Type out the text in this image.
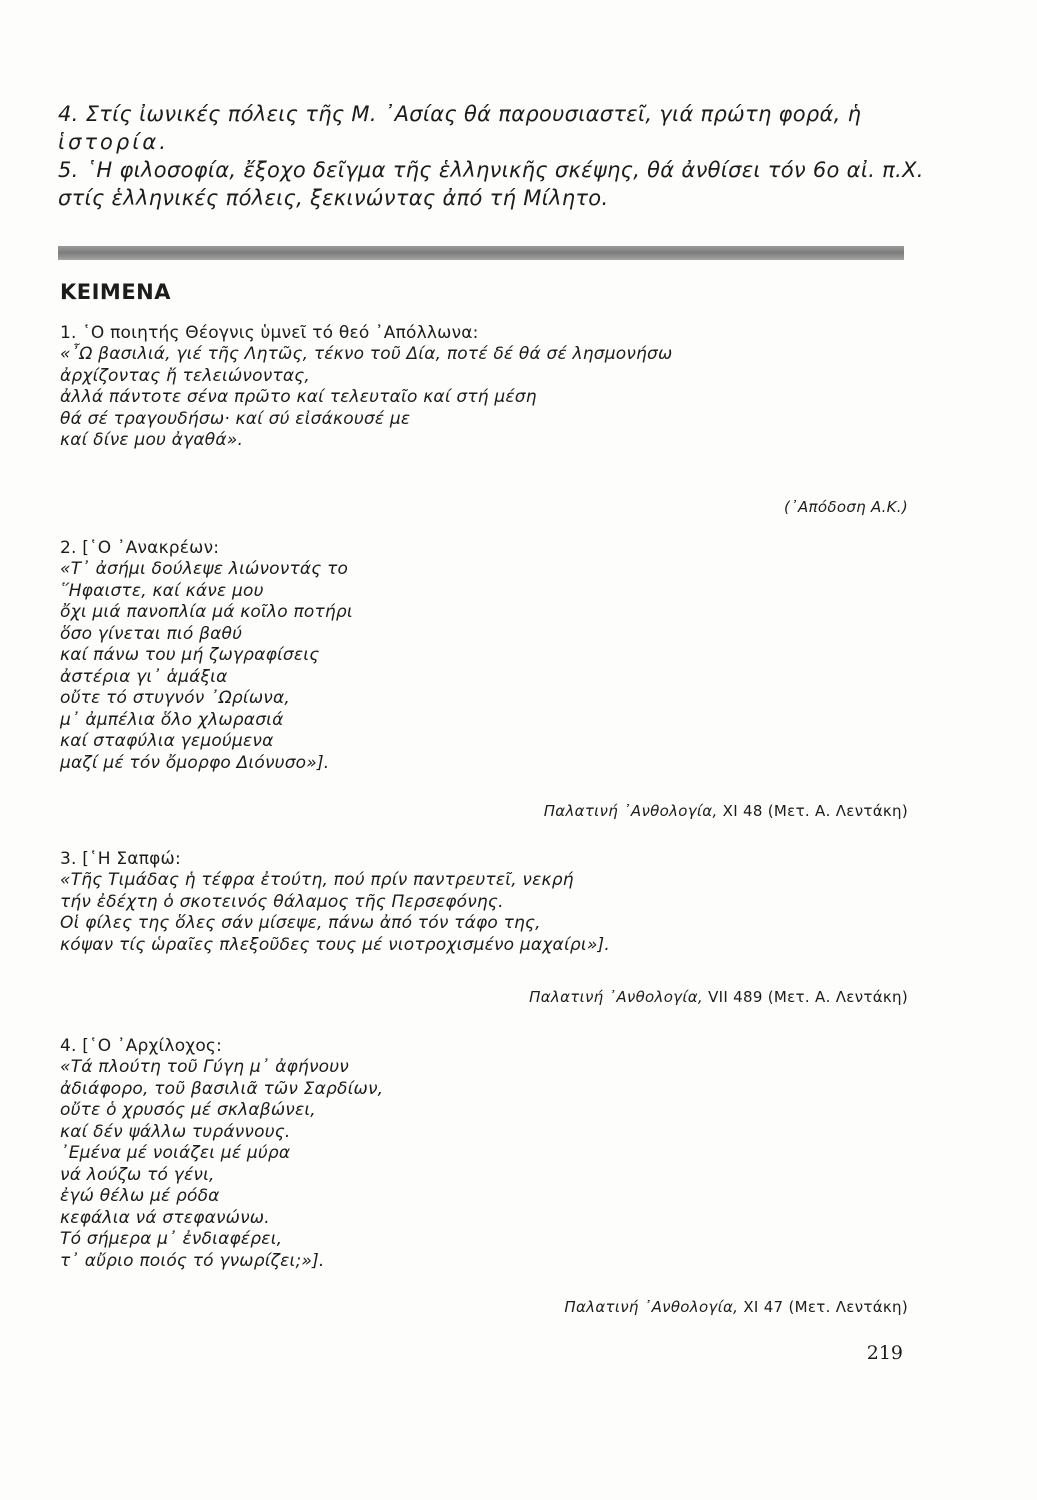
4. Στίς ἰωνικές πόλεις τῆς Μ. ᾿Ασίας θά παρουσιαστεῖ, γιά πρώτη φορά, ἡ ἱστορία.

5. ῾Η φιλοσοφία, ἔξοχο δεῖγμα τῆς ἑλληνικῆς σκέψης, θά ἀνθίσει τόν 6ο αἰ. π.Χ. στίς ἑλληνικές πόλεις, ξεκινώντας ἀπό τή Μίλητο.

ΚΕΙΜΕΝΑ

1. ῾Ο ποιητής Θέογνις ὑμνεῖ τό θεό ᾿Απόλλωνα:

«῏Ω βασιλιά, γιέ τῆς Λητῶς, τέκνο τοῦ Δία, ποτέ δέ θά σέ λησμονήσω
ἀρχίζοντας ἤ τελειώνοντας,
ἀλλά πάντοτε σένα πρῶτο καί τελευταῖο καί στή μέση
θά σέ τραγουδήσω· καί σύ εἰσάκουσέ με
καί δίνε μου ἀγαθά».
(᾿Απόδοση Α.Κ.)

2. [῾Ο ᾿Ανακρέων:

«Τ᾿ ἀσήμι δούλεψε λιώνοντάς το
῞Ηφαιστε, καί κάνε μου
ὄχι μιά πανοπλία μά κοῖλο ποτήρι
ὅσο γίνεται πιό βαθύ
καί πάνω του μή ζωγραφίσεις
ἀστέρια γι᾿ ἁμάξια
οὔτε τό στυγνόν ᾿Ωρίωνα,
μ᾿ ἀμπέλια ὅλο χλωρασιά
καί σταφύλια γεμούμενα
μαζί μέ τόν ὄμορφο Διόνυσο»].
Παλατινή ᾿Ανθολογία, XI 48 (Μετ. Α. Λεντάκη)

3. [῾Η Σαπφώ:

«Τῆς Τιμάδας ἡ τέφρα ἐτούτη, πού πρίν παντρευτεῖ, νεκρή
τήν ἐδέχτη ὁ σκοτεινός θάλαμος τῆς Περσεφόνης.
Οἱ φίλες της ὅλες σάν μίσεψε, πάνω ἀπό τόν τάφο της,
κόψαν τίς ὡραῖες πλεξοῦδες τους μέ νιοτροχισμένο μαχαίρι»].
Παλατινή ᾿Ανθολογία, VII 489 (Μετ. Α. Λεντάκη)

4. [῾Ο ᾿Αρχίλοχος:

«Τά πλούτη τοῦ Γύγη μ᾿ ἀφήνουν
ἀδιάφορο, τοῦ βασιλιᾶ τῶν Σαρδίων,
οὔτε ὁ χρυσός μέ σκλαβώνει,
καί δέν ψάλλω τυράννους.
᾿Εμένα μέ νοιάζει μέ μύρα
νά λούζω τό γένι,
ἐγώ θέλω μέ ρόδα
κεφάλια νά στεφανώνω.
Τό σήμερα μ᾿ ἐνδιαφέρει,
τ᾿ αὔριο ποιός τό γνωρίζει;»].
Παλατινή ᾿Ανθολογία, XI 47 (Μετ. Λεντάκη)
219
